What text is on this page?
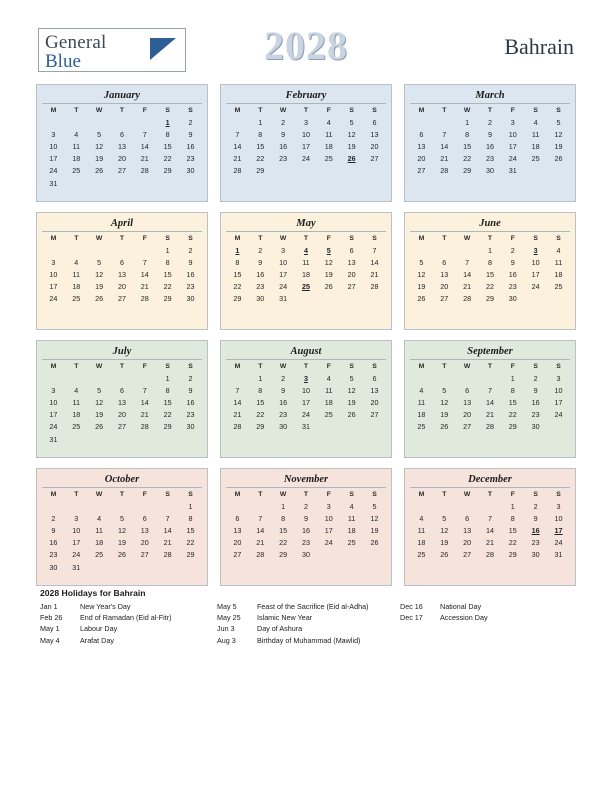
General
Blue	2028	Bahrain
January
M	T	W	T	F	S	S
					1	2
3	4	5	6	7	8	9
10	11	12	13	14	15	16
17	18	19	20	21	22	23
24	25	26	27	28	29	30
31						
February
M	T	W	T	F	S	S
	1	2	3	4	5	6
7	8	9	10	11	12	13
14	15	16	17	18	19	20
21	22	23	24	25	26	27
28	29					

March
M	T	W	T	F	S	S
		1	2	3	4	5
6	7	8	9	10	11	12
13	14	15	16	17	18	19
20	21	22	23	24	25	26
27	28	29	30	31		

April
M	T	W	T	F	S	S
					1	2
3	4	5	6	7	8	9
10	11	12	13	14	15	16
17	18	19	20	21	22	23
24	25	26	27	28	29	30

May
M	T	W	T	F	S	S
1	2	3	4	5	6	7
8	9	10	11	12	13	14
15	16	17	18	19	20	21
22	23	24	25	26	27	28
29	30	31				

June
M	T	W	T	F	S	S
			1	2	3	4
5	6	7	8	9	10	11
12	13	14	15	16	17	18
19	20	21	22	23	24	25
26	27	28	29	30		

July
M	T	W	T	F	S	S
					1	2
3	4	5	6	7	8	9
10	11	12	13	14	15	16
17	18	19	20	21	22	23
24	25	26	27	28	29	30
31						
August
M	T	W	T	F	S	S
	1	2	3	4	5	6
7	8	9	10	11	12	13
14	15	16	17	18	19	20
21	22	23	24	25	26	27
28	29	30	31			

September
M	T	W	T	F	S	S
				1	2	3
4	5	6	7	8	9	10
11	12	13	14	15	16	17
18	19	20	21	22	23	24
25	26	27	28	29	30	

October
M	T	W	T	F	S	S
						1
2	3	4	5	6	7	8
9	10	11	12	13	14	15
16	17	18	19	20	21	22
23	24	25	26	27	28	29
30	31					
November
M	T	W	T	F	S	S
		1	2	3	4	5
6	7	8	9	10	11	12
13	14	15	16	17	18	19
20	21	22	23	24	25	26
27	28	29	30			

December
M	T	W	T	F	S	S
				1	2	3
4	5	6	7	8	9	10
11	12	13	14	15	16	17
18	19	20	21	22	23	24
25	26	27	28	29	30	31

2028 Holidays for Bahrain
Jan 1	New Year's Day
Feb 26	End of Ramadan (Eid al-Fitr)
May 1	Labour Day
May 4	Arafat Day
May 5	Feast of the Sacrifice (Eid al-Adha)
May 25	Islamic New Year
Jun 3	Day of Ashura
Aug 3	Birthday of Muhammad (Mawlid)
Dec 16	National Day
Dec 17	Accession Day
